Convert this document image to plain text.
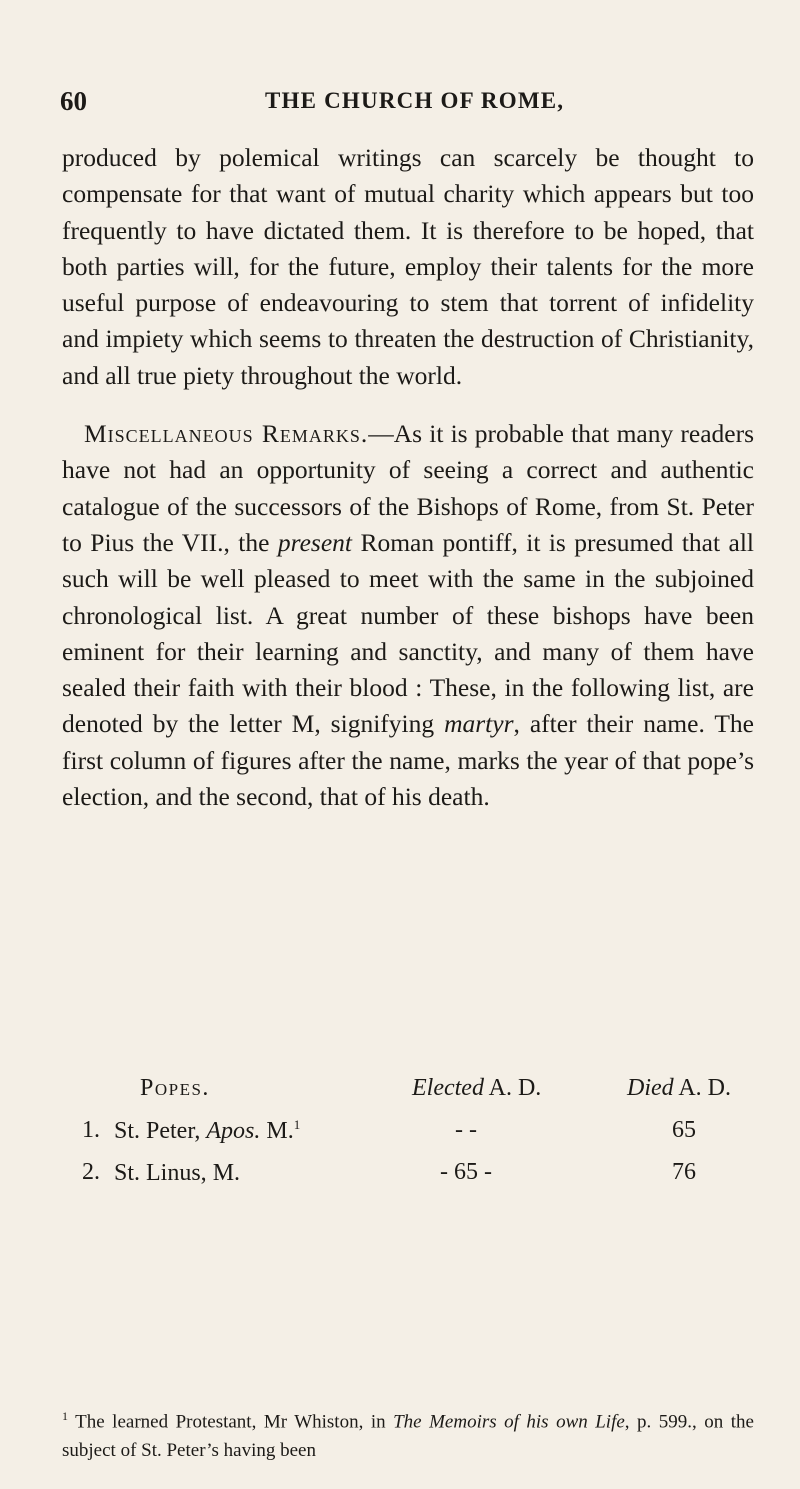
60	THE CHURCH OF ROME,

produced by polemical writings can scarcely be thought to compensate for that want of mutual charity which appears but too frequently to have dictated them. It is therefore to be hoped, that both parties will, for the future, employ their talents for the more useful purpose of endeavouring to stem that torrent of infidelity and impiety which seems to threaten the destruction of Christianity, and all true piety throughout the world.

Miscellaneous Remarks.—As it is probable that many readers have not had an opportunity of seeing a correct and authentic catalogue of the successors of the Bishops of Rome, from St. Peter to Pius the VII., the present Roman pontiff, it is presumed that all such will be well pleased to meet with the same in the subjoined chronological list. A great number of these bishops have been eminent for their learning and sanctity, and many of them have sealed their faith with their blood : These, in the following list, are denoted by the letter M, signifying martyr, after their name. The first column of figures after the name, marks the year of that pope’s election, and the second, that of his death.

Popes.	Elected A. D.	Died A. D.
1. St. Peter, Apos. M.$^1$	- -	65
2. St. Linus, M.	- 65 -	76
$^1$ The learned Protestant, Mr Whiston, in The Memoirs of his own Life, p. 599., on the subject of St. Peter’s having been
